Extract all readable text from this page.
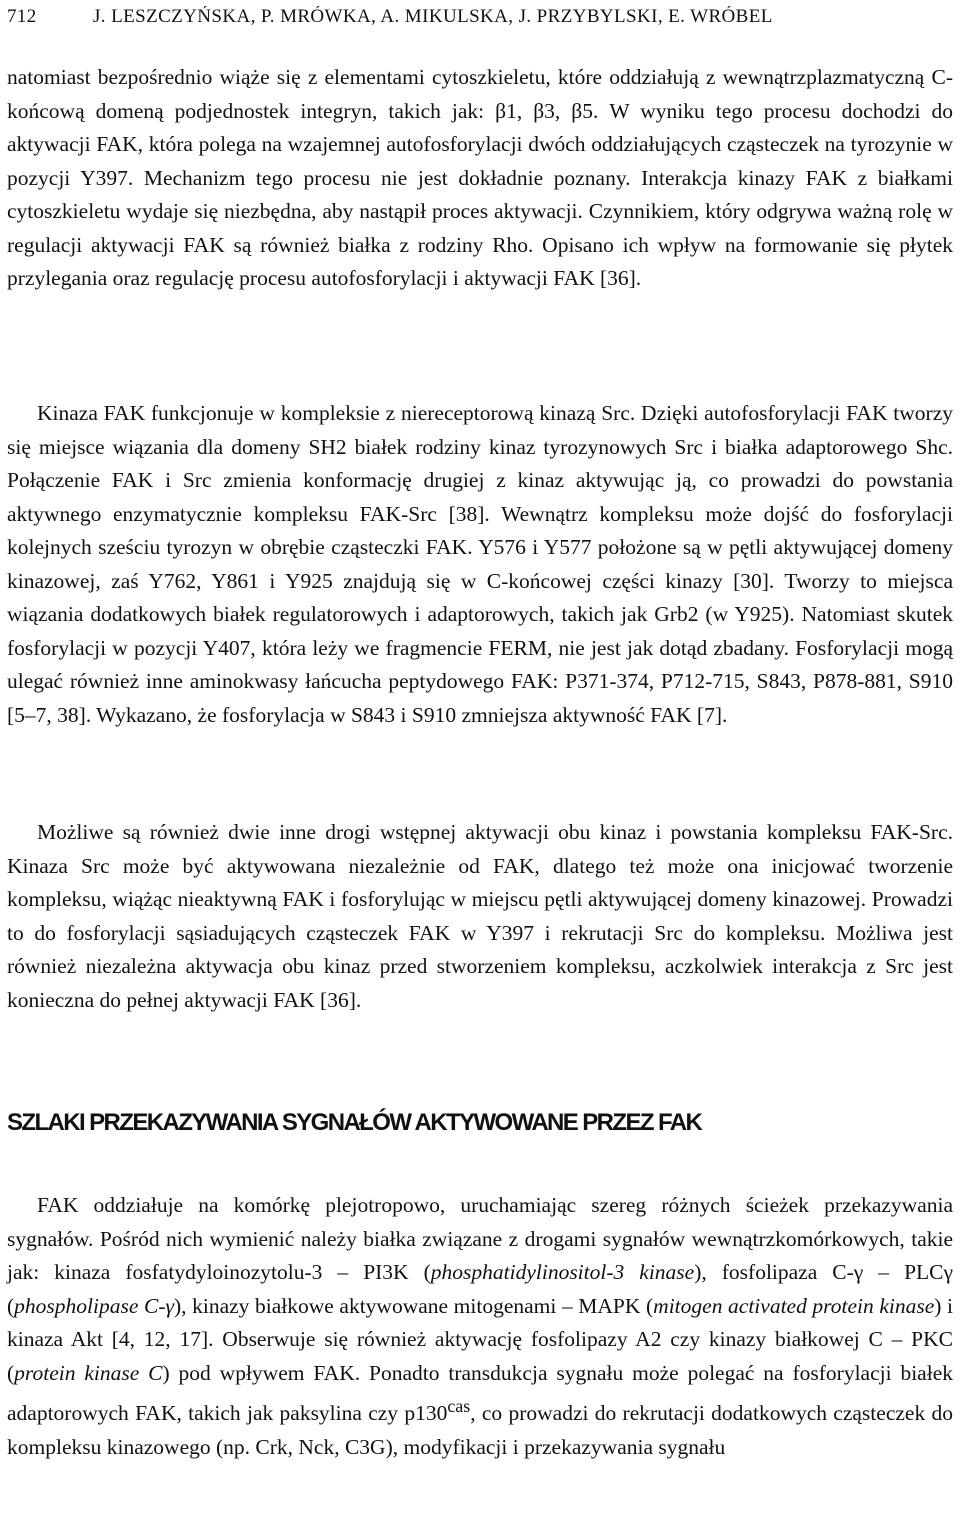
712	J. LESZCZYŃSKA, P. MRÓWKA, A. MIKULSKA, J. PRZYBYLSKI, E. WRÓBEL

natomiast bezpośrednio wiąże się z elementami cytoszkieletu, które oddziałują z wewnątrzplazmatyczną C-końcową domeną podjednostek integryn, takich jak: β1, β3, β5. W wyniku tego procesu dochodzi do aktywacji FAK, która polega na wzajemnej autofosforylacji dwóch oddziałujących cząsteczek na tyrozynie w pozycji Y397. Mechanizm tego procesu nie jest dokładnie poznany. Interakcja kinazy FAK z białkami cytoszkieletu wydaje się niezbędna, aby nastąpił proces aktywacji. Czynnikiem, który odgrywa ważną rolę w regulacji aktywacji FAK są również białka z rodziny Rho. Opisano ich wpływ na formowanie się płytek przylegania oraz regulację procesu autofosforylacji i aktywacji FAK [36].

Kinaza FAK funkcjonuje w kompleksie z niereceptorową kinazą Src. Dzięki autofosforylacji FAK tworzy się miejsce wiązania dla domeny SH2 białek rodziny kinaz tyrozynowych Src i białka adaptorowego Shc. Połączenie FAK i Src zmienia konformację drugiej z kinaz aktywując ją, co prowadzi do powstania aktywnego enzymatycznie kompleksu FAK-Src [38]. Wewnątrz kompleksu może dojść do fosforylacji kolejnych sześciu tyrozyn w obrębie cząsteczki FAK. Y576 i Y577 położone są w pętli aktywującej domeny kinazowej, zaś Y762, Y861 i Y925 znajdują się w C-końcowej części kinazy [30]. Tworzy to miejsca wiązania dodatkowych białek regulatorowych i adaptorowych, takich jak Grb2 (w Y925). Natomiast skutek fosforylacji w pozycji Y407, która leży we fragmencie FERM, nie jest jak dotąd zbadany. Fosforylacji mogą ulegać również inne aminokwasy łańcucha peptydowego FAK: P371-374, P712-715, S843, P878-881, S910 [5–7, 38]. Wykazano, że fosforylacja w S843 i S910 zmniejsza aktywność FAK [7].

Możliwe są również dwie inne drogi wstępnej aktywacji obu kinaz i powstania kompleksu FAK-Src. Kinaza Src może być aktywowana niezależnie od FAK, dlatego też może ona inicjować tworzenie kompleksu, wiążąc nieaktywną FAK i fosforylując w miejscu pętli aktywującej domeny kinazowej. Prowadzi to do fosforylacji sąsiadujących cząsteczek FAK w Y397 i rekrutacji Src do kompleksu. Możliwa jest również niezależna aktywacja obu kinaz przed stworzeniem kompleksu, aczkolwiek interakcja z Src jest konieczna do pełnej aktywacji FAK [36].

SZLAKI PRZEKAZYWANIA SYGNAŁÓW AKTYWOWANE PRZEZ FAK

FAK oddziałuje na komórkę plejotropowo, uruchamiając szereg różnych ścieżek przekazywania sygnałów. Pośród nich wymienić należy białka związane z drogami sygnałów wewnątrzkomórkowych, takie jak: kinaza fosfatydyloinozytolu-3 – PI3K (phosphatidylinositol-3 kinase), fosfolipaza C-γ – PLCγ (phospholipase C-γ), kinazy białkowe aktywowane mitogenami – MAPK (mitogen activated protein kinase) i kinaza Akt [4, 12, 17]. Obserwuje się również aktywację fosfolipazy A2 czy kinazy białkowej C – PKC (protein kinase C) pod wpływem FAK. Ponadto transdukcja sygnału może polegać na fosforylacji białek adaptorowych FAK, takich jak paksylina czy $p130^{cas}$, co prowadzi do rekrutacji dodatkowych cząsteczek do kompleksu kinazowego (np. Crk, Nck, C3G), modyfikacji i przekazywania sygnału
